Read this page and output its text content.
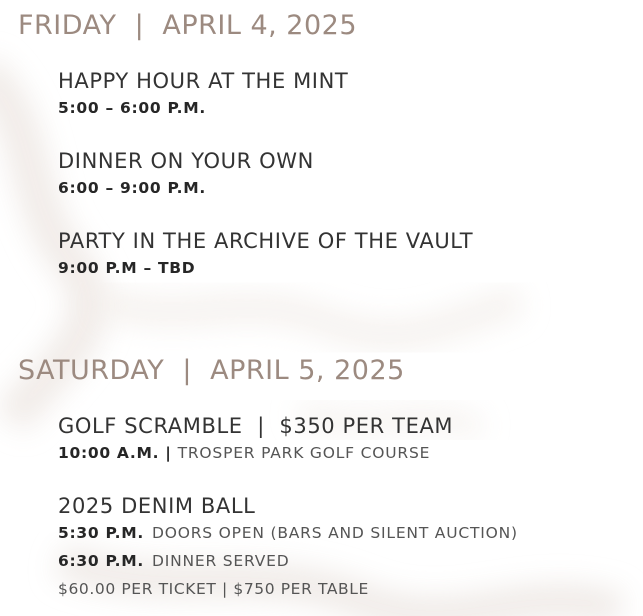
FRIDAY  |  APRIL 4, 2025
HAPPY HOUR AT THE MINT
5:00 – 6:00 P.M.
DINNER ON YOUR OWN
6:00 – 9:00 P.M.
PARTY IN THE ARCHIVE OF THE VAULT
9:00 P.M – TBD
SATURDAY  |  APRIL 5, 2025
GOLF SCRAMBLE  |  $350 PER TEAM
10:00 A.M. | TROSPER PARK GOLF COURSE
2025 DENIM BALL
5:30 P.M. DOORS OPEN (BARS AND SILENT AUCTION)
6:30 P.M. DINNER SERVED
$60.00 PER TICKET | $750 PER TABLE
